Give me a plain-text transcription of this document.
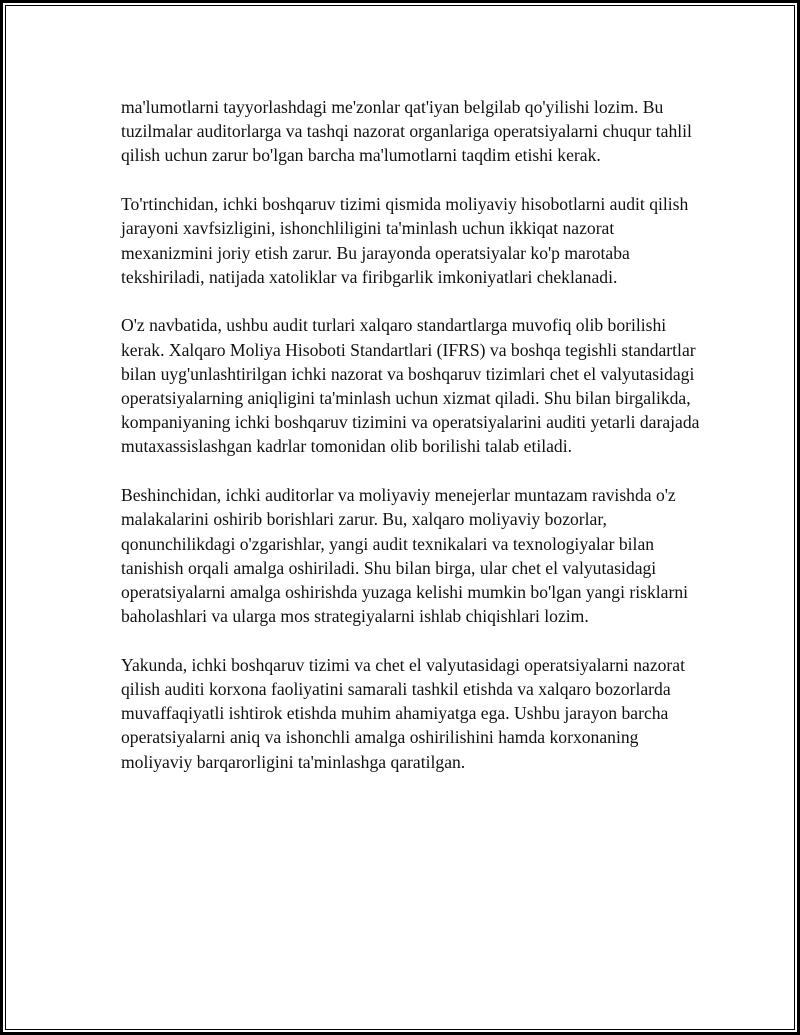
ma'lumotlarni tayyorlashdagi me'zonlar qat'iyan belgilab qo'yilishi lozim. Bu tuzilmalar auditorlarga va tashqi nazorat organlariga operatsiyalarni chuqur tahlil qilish uchun zarur bo'lgan barcha ma'lumotlarni taqdim etishi kerak.

To'rtinchidan, ichki boshqaruv tizimi qismida moliyaviy hisobotlarni audit qilish jarayoni xavfsizligini, ishonchliligini ta'minlash uchun ikkiqat nazorat mexanizmini joriy etish zarur. Bu jarayonda operatsiyalar ko'p marotaba tekshiriladi, natijada xatoliklar va firibgarlik imkoniyatlari cheklanadi.

O'z navbatida, ushbu audit turlari xalqaro standartlarga muvofiq olib borilishi kerak. Xalqaro Moliya Hisoboti Standartlari (IFRS) va boshqa tegishli standartlar bilan uyg'unlashtirilgan ichki nazorat va boshqaruv tizimlari chet el valyutasidagi operatsiyalarning aniqligini ta'minlash uchun xizmat qiladi. Shu bilan birgalikda, kompaniyaning ichki boshqaruv tizimini va operatsiyalarini auditi yetarli darajada mutaxassislashgan kadrlar tomonidan olib borilishi talab etiladi.

Beshinchidan, ichki auditorlar va moliyaviy menejerlar muntazam ravishda o'z malakalarini oshirib borishlari zarur. Bu, xalqaro moliyaviy bozorlar, qonunchilikdagi o'zgarishlar, yangi audit texnikalari va texnologiyalar bilan tanishish orqali amalga oshiriladi. Shu bilan birga, ular chet el valyutasidagi operatsiyalarni amalga oshirishda yuzaga kelishi mumkin bo'lgan yangi risklarni baholashlari va ularga mos strategiyalarni ishlab chiqishlari lozim.

Yakunda, ichki boshqaruv tizimi va chet el valyutasidagi operatsiyalarni nazorat qilish auditi korxona faoliyatini samarali tashkil etishda va xalqaro bozorlarda muvaffaqiyatli ishtirok etishda muhim ahamiyatga ega. Ushbu jarayon barcha operatsiyalarni aniq va ishonchli amalga oshirilishini hamda korxonaning moliyaviy barqarorligini ta'minlashga qaratilgan.
